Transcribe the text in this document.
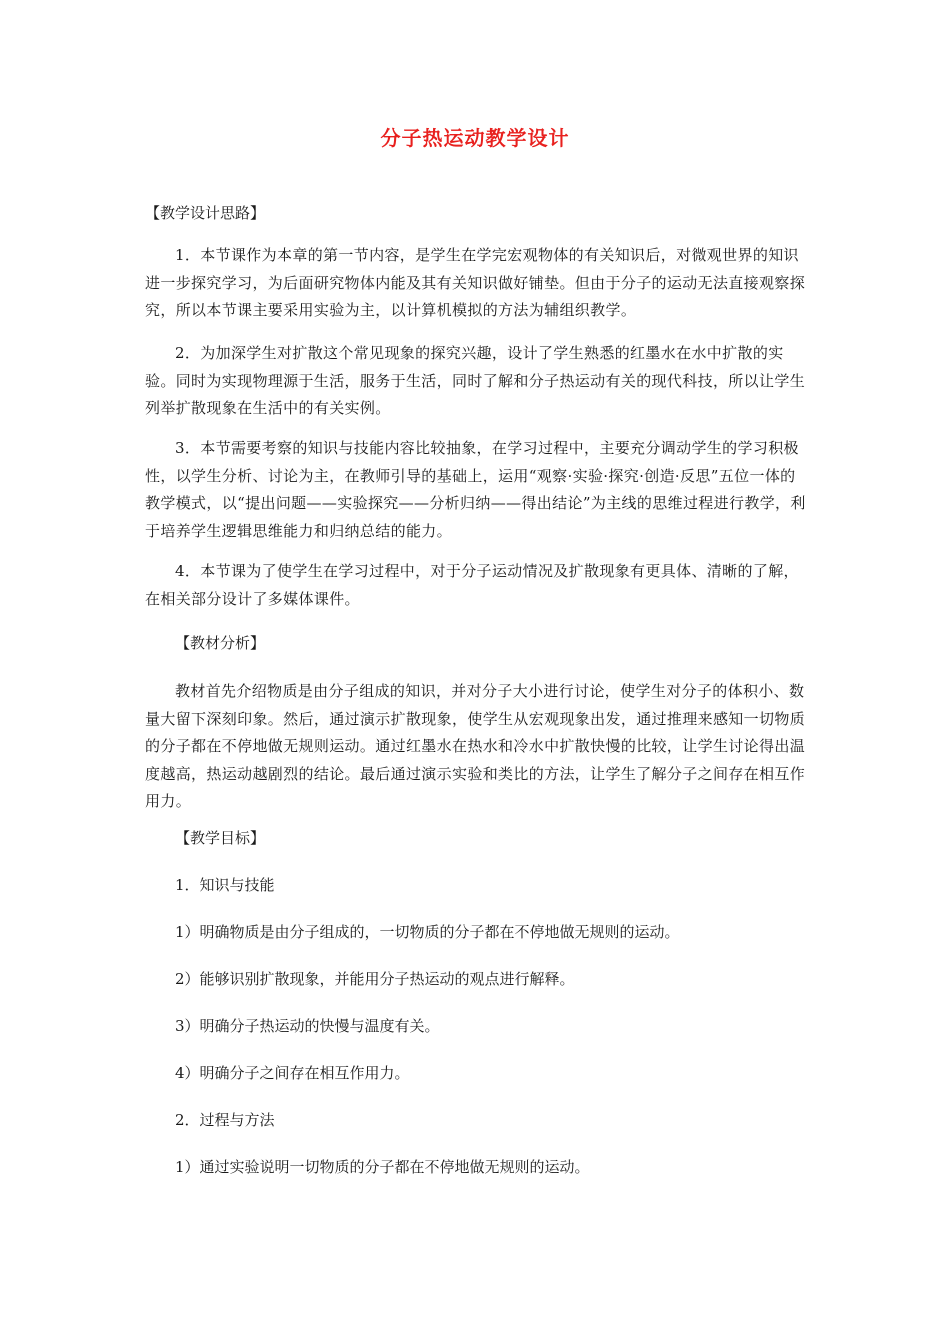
分子热运动教学设计
【教学设计思路】
1．本节课作为本章的第一节内容，是学生在学完宏观物体的有关知识后，对微观世界的知识进一步探究学习，为后面研究物体内能及其有关知识做好铺垫。但由于分子的运动无法直接观察探究，所以本节课主要采用实验为主，以计算机模拟的方法为辅组织教学。
2．为加深学生对扩散这个常见现象的探究兴趣，设计了学生熟悉的红墨水在水中扩散的实验。同时为实现物理源于生活，服务于生活，同时了解和分子热运动有关的现代科技，所以让学生列举扩散现象在生活中的有关实例。
3．本节需要考察的知识与技能内容比较抽象，在学习过程中，主要充分调动学生的学习积极性，以学生分析、讨论为主，在教师引导的基础上，运用“观察·实验·探究·创造·反思”五位一体的教学模式，以“提出问题——实验探究——分析归纳——得出结论”为主线的思维过程进行教学，利于培养学生逻辑思维能力和归纳总结的能力。
4．本节课为了使学生在学习过程中，对于分子运动情况及扩散现象有更具体、清晰的了解，在相关部分设计了多媒体课件。
【教材分析】
教材首先介绍物质是由分子组成的知识，并对分子大小进行讨论，使学生对分子的体积小、数量大留下深刻印象。然后，通过演示扩散现象，使学生从宏观现象出发，通过推理来感知一切物质的分子都在不停地做无规则运动。通过红墨水在热水和冷水中扩散快慢的比较，让学生讨论得出温度越高，热运动越剧烈的结论。最后通过演示实验和类比的方法，让学生了解分子之间存在相互作用力。
【教学目标】
1．知识与技能
1）明确物质是由分子组成的，一切物质的分子都在不停地做无规则的运动。
2）能够识别扩散现象，并能用分子热运动的观点进行解释。
3）明确分子热运动的快慢与温度有关。
4）明确分子之间存在相互作用力。
2．过程与方法
1）通过实验说明一切物质的分子都在不停地做无规则的运动。
